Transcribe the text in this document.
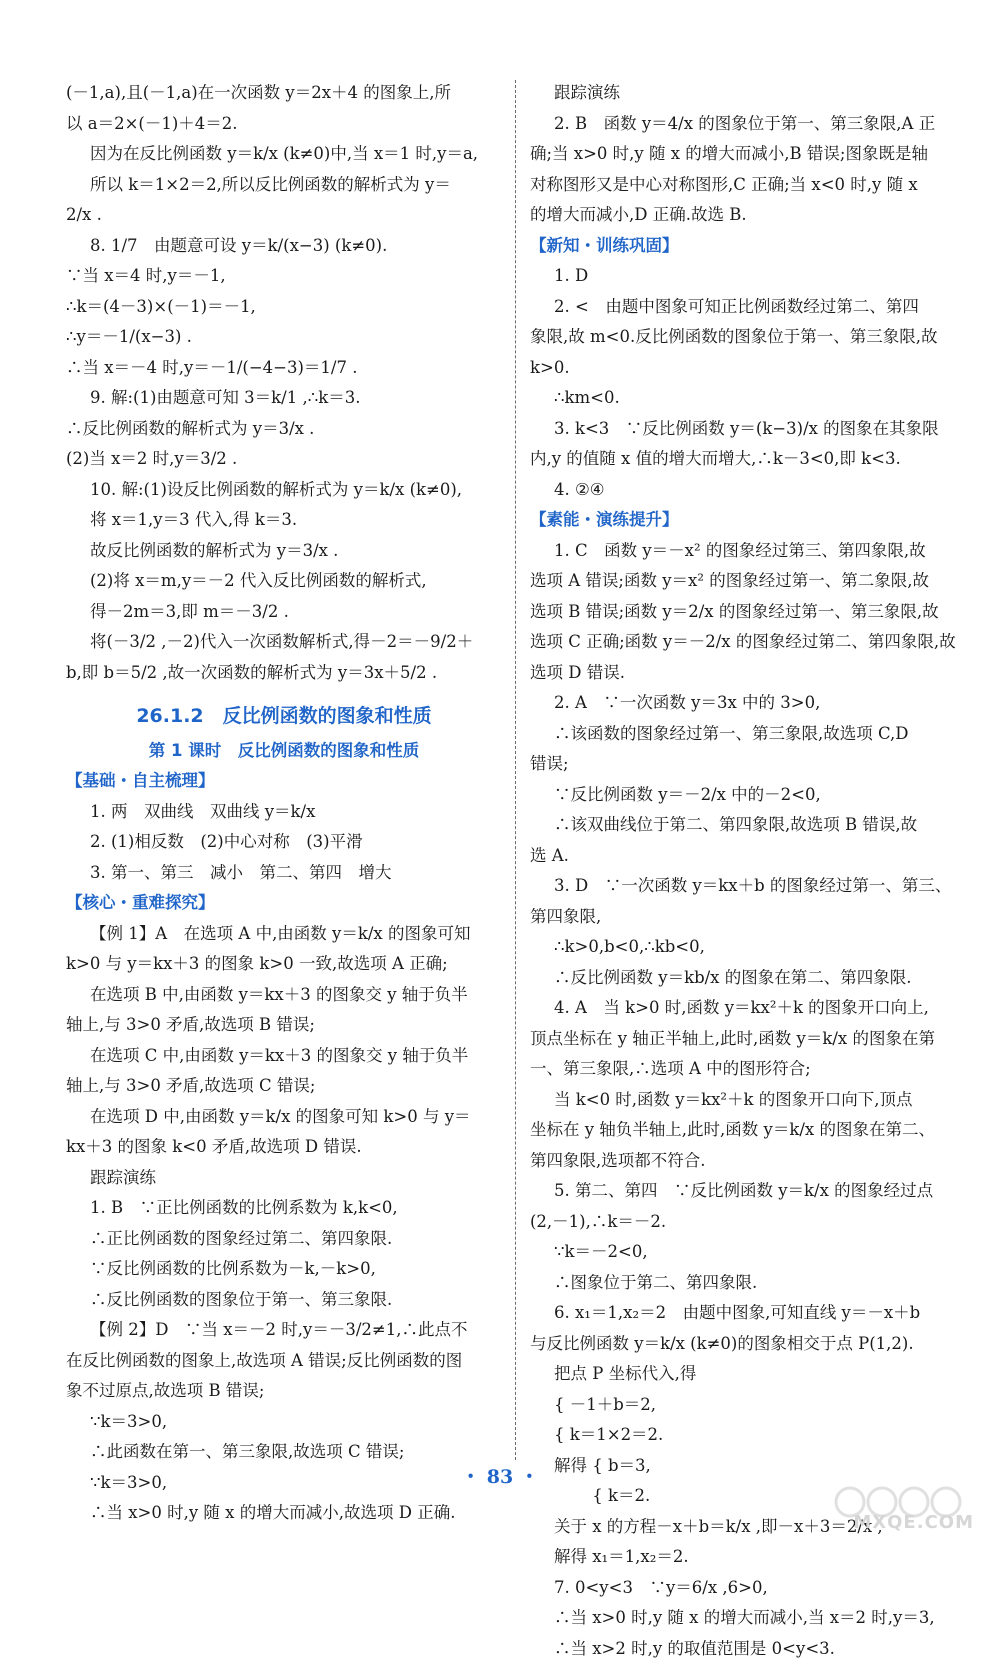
(－1,a),且(－1,a)在一次函数 y＝2x＋4 的图象上,所
以 a＝2×(－1)＋4＝2.
因为在反比例函数 y＝k/x (k≠0)中,当 x＝1 时,y＝a,
所以 k＝1×2＝2,所以反比例函数的解析式为 y＝
2/x .
8. 1/7　由题意可设 y＝k/(x−3) (k≠0).
∵当 x＝4 时,y＝－1,
∴k＝(4－3)×(－1)＝－1,
∴y＝－1/(x−3) .
∴当 x＝－4 时,y＝－1/(−4−3)＝1/7 .
9. 解:(1)由题意可知 3＝k/1 ,∴k＝3.
∴反比例函数的解析式为 y＝3/x .
(2)当 x＝2 时,y＝3/2 .
10. 解:(1)设反比例函数的解析式为 y＝k/x (k≠0),
将 x＝1,y＝3 代入,得 k＝3.
故反比例函数的解析式为 y＝3/x .
(2)将 x＝m,y＝－2 代入反比例函数的解析式,
得－2m＝3,即 m＝－3/2 .
将(－3/2 ,－2)代入一次函数解析式,得－2＝－9/2＋
b,即 b＝5/2 ,故一次函数的解析式为 y＝3x＋5/2 .
26.1.2　反比例函数的图象和性质
第 1 课时　反比例函数的图象和性质
【基础・自主梳理】
1. 两　双曲线　双曲线 y＝k/x
2. (1)相反数　(2)中心对称　(3)平滑
3. 第一、第三　减小　第二、第四　增大
【核心・重难探究】
【例 1】A　在选项 A 中,由函数 y＝k/x 的图象可知
k>0 与 y＝kx＋3 的图象 k>0 一致,故选项 A 正确;
在选项 B 中,由函数 y＝kx＋3 的图象交 y 轴于负半
轴上,与 3>0 矛盾,故选项 B 错误;
在选项 C 中,由函数 y＝kx＋3 的图象交 y 轴于负半
轴上,与 3>0 矛盾,故选项 C 错误;
在选项 D 中,由函数 y＝k/x 的图象可知 k>0 与 y＝
kx＋3 的图象 k<0 矛盾,故选项 D 错误.
跟踪演练
1. B　∵正比例函数的比例系数为 k,k<0,
∴正比例函数的图象经过第二、第四象限.
∵反比例函数的比例系数为－k,－k>0,
∴反比例函数的图象位于第一、第三象限.
【例 2】D　∵当 x＝－2 时,y＝－3/2≠1,∴此点不
在反比例函数的图象上,故选项 A 错误;反比例函数的图
象不过原点,故选项 B 错误;
∵k＝3>0,
∴此函数在第一、第三象限,故选项 C 错误;
∵k＝3>0,
∴当 x>0 时,y 随 x 的增大而减小,故选项 D 正确.
跟踪演练
2. B　函数 y＝4/x 的图象位于第一、第三象限,A 正
确;当 x>0 时,y 随 x 的增大而减小,B 错误;图象既是轴
对称图形又是中心对称图形,C 正确;当 x<0 时,y 随 x
的增大而减小,D 正确.故选 B.
【新知・训练巩固】
1. D
2. <　由题中图象可知正比例函数经过第二、第四
象限,故 m<0.反比例函数的图象位于第一、第三象限,故
k>0.
∴km<0.
3. k<3　∵反比例函数 y＝(k−3)/x 的图象在其象限
内,y 的值随 x 值的增大而增大,∴k－3<0,即 k<3.
4. ②④
【素能・演练提升】
1. C　函数 y＝－x² 的图象经过第三、第四象限,故
选项 A 错误;函数 y＝x² 的图象经过第一、第二象限,故
选项 B 错误;函数 y＝2/x 的图象经过第一、第三象限,故
选项 C 正确;函数 y＝－2/x 的图象经过第二、第四象限,故
选项 D 错误.
2. A　∵一次函数 y＝3x 中的 3>0,
∴该函数的图象经过第一、第三象限,故选项 C,D
错误;
∵反比例函数 y＝－2/x 中的－2<0,
∴该双曲线位于第二、第四象限,故选项 B 错误,故
选 A.
3. D　∵一次函数 y＝kx＋b 的图象经过第一、第三、
第四象限,
∴k>0,b<0,∴kb<0,
∴反比例函数 y＝kb/x 的图象在第二、第四象限.
4. A　当 k>0 时,函数 y＝kx²＋k 的图象开口向上,
顶点坐标在 y 轴正半轴上,此时,函数 y＝k/x 的图象在第
一、第三象限,∴选项 A 中的图形符合;
当 k<0 时,函数 y＝kx²＋k 的图象开口向下,顶点
坐标在 y 轴负半轴上,此时,函数 y＝k/x 的图象在第二、
第四象限,选项都不符合.
5. 第二、第四　∵反比例函数 y＝k/x 的图象经过点
(2,－1),∴k＝－2.
∵k＝－2<0,
∴图象位于第二、第四象限.
6. x₁＝1,x₂＝2　由题中图象,可知直线 y＝－x＋b
与反比例函数 y＝k/x (k≠0)的图象相交于点 P(1,2).
把点 P 坐标代入,得
{ －1＋b＝2,
{ k＝1×2＝2.
解得 { b＝3,
　　 { k＝2.
关于 x 的方程－x＋b＝k/x ,即－x＋3＝2/x ,
解得 x₁＝1,x₂＝2.
7. 0<y<3　∵y＝6/x ,6>0,
∴当 x>0 时,y 随 x 的增大而减小,当 x＝2 时,y＝3,
∴当 x>2 时,y 的取值范围是 0<y<3.
・ 83 ・
MXQE.COM
